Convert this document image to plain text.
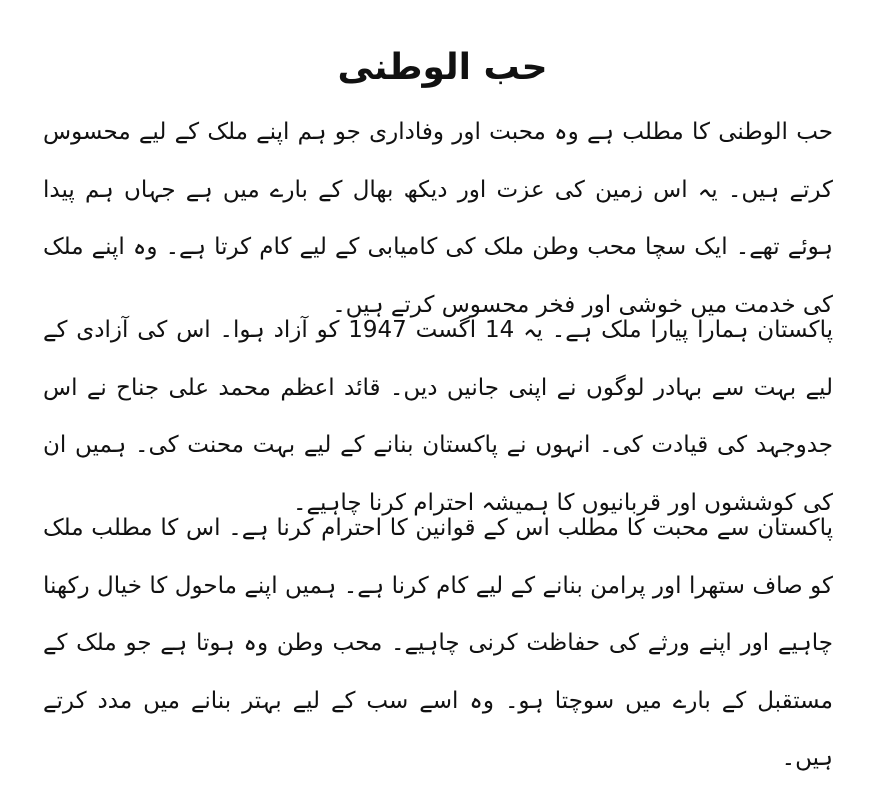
حب الوطنی

حب الوطنی کا مطلب ہے وہ محبت اور وفاداری جو ہم اپنے ملک کے لیے محسوس کرتے ہیں۔ یہ اس زمین کی عزت اور دیکھ بھال کے بارے میں ہے جہاں ہم پیدا ہوئے تھے۔ ایک سچا محب وطن ملک کی کامیابی کے لیے کام کرتا ہے۔ وہ اپنے ملک کی خدمت میں خوشی اور فخر محسوس کرتے ہیں۔

پاکستان ہمارا پیارا ملک ہے۔ یہ 14 اگست 1947 کو آزاد ہوا۔ اس کی آزادی کے لیے بہت سے بہادر لوگوں نے اپنی جانیں دیں۔ قائد اعظم محمد علی جناح نے اس جدوجہد کی قیادت کی۔ انہوں نے پاکستان بنانے کے لیے بہت محنت کی۔ ہمیں ان کی کوششوں اور قربانیوں کا ہمیشہ احترام کرنا چاہیے۔

پاکستان سے محبت کا مطلب اس کے قوانین کا احترام کرنا ہے۔ اس کا مطلب ملک کو صاف ستھرا اور پرامن بنانے کے لیے کام کرنا ہے۔ ہمیں اپنے ماحول کا خیال رکھنا چاہیے اور اپنے ورثے کی حفاظت کرنی چاہیے۔ محب وطن وہ ہوتا ہے جو ملک کے مستقبل کے بارے میں سوچتا ہو۔ وہ اسے سب کے لیے بہتر بنانے میں مدد کرتے ہیں۔
